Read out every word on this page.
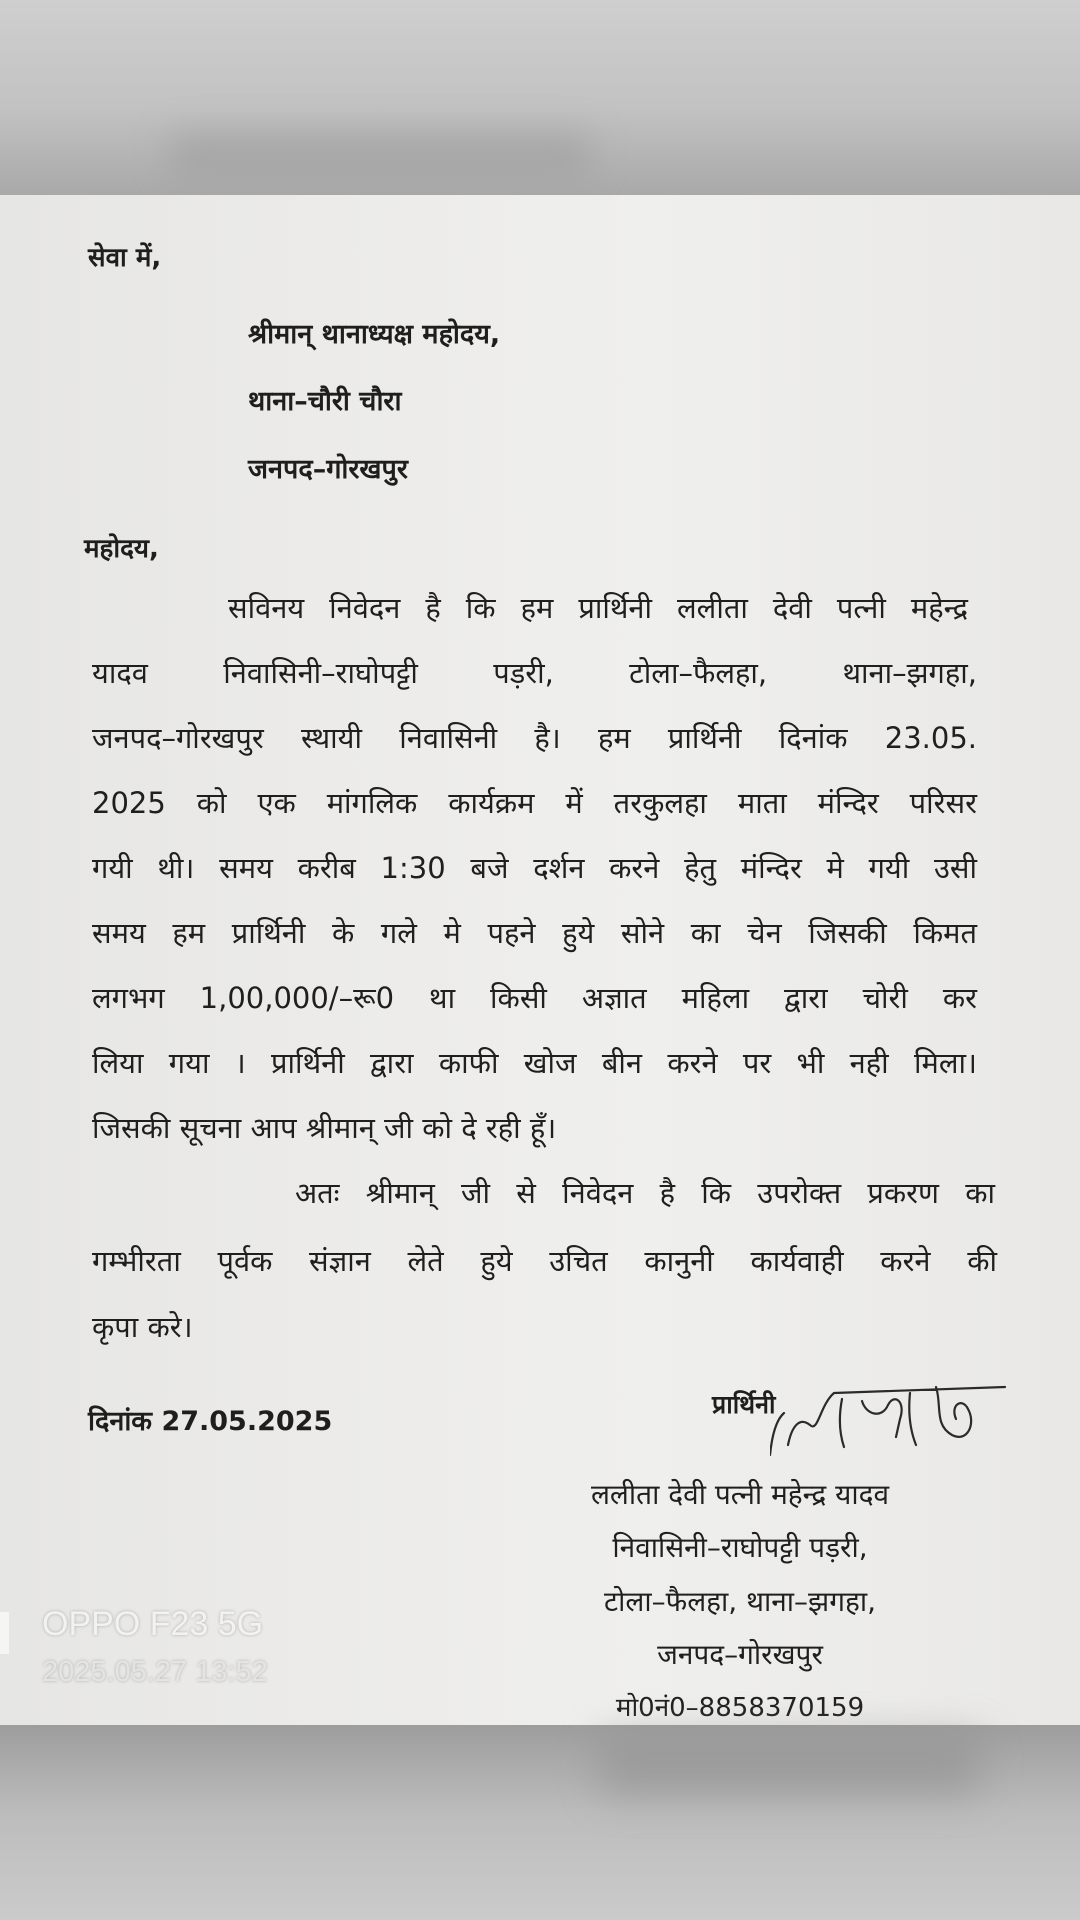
सेवा में,
श्रीमान् थानाध्यक्ष महोदय,
थाना–चौरी चौरा
जनपद–गोरखपुर
महोदय,
सविनय निवेदन है कि हम प्रार्थिनी ललीता देवी पत्नी महेन्द्र
यादव निवासिनी–राघोपट्टी पड़री, टोला–फैलहा, थाना–झगहा,
जनपद–गोरखपुर स्थायी निवासिनी है। हम प्रार्थिनी दिनांक 23.05.
2025 को एक मांगलिक कार्यक्रम में तरकुलहा माता मंन्दिर परिसर
गयी थी। समय करीब 1:30 बजे दर्शन करने हेतु मंन्दिर मे गयी उसी
समय हम प्रार्थिनी के गले मे पहने हुये सोने का चेन जिसकी किमत
लगभग 1,00,000/–रू0 था किसी अज्ञात महिला द्वारा चोरी कर
लिया गया । प्रार्थिनी द्वारा काफी खोज बीन करने पर भी नही मिला।
जिसकी सूचना आप श्रीमान् जी को दे रही हूँ।
अतः श्रीमान् जी से निवेदन है कि उपरोक्त प्रकरण का
गम्भीरता पूर्वक संज्ञान लेते हुये उचित कानुनी कार्यवाही करने की
कृपा करे।
दिनांक 27.05.2025
प्रार्थिनी
ललीता देवी पत्नी महेन्द्र यादव
निवासिनी–राघोपट्टी पड़री,
टोला–फैलहा, थाना–झगहा,
जनपद–गोरखपुर
मो0नं0–8858370159
OPPO F23 5G
2025.05.27 13:52
